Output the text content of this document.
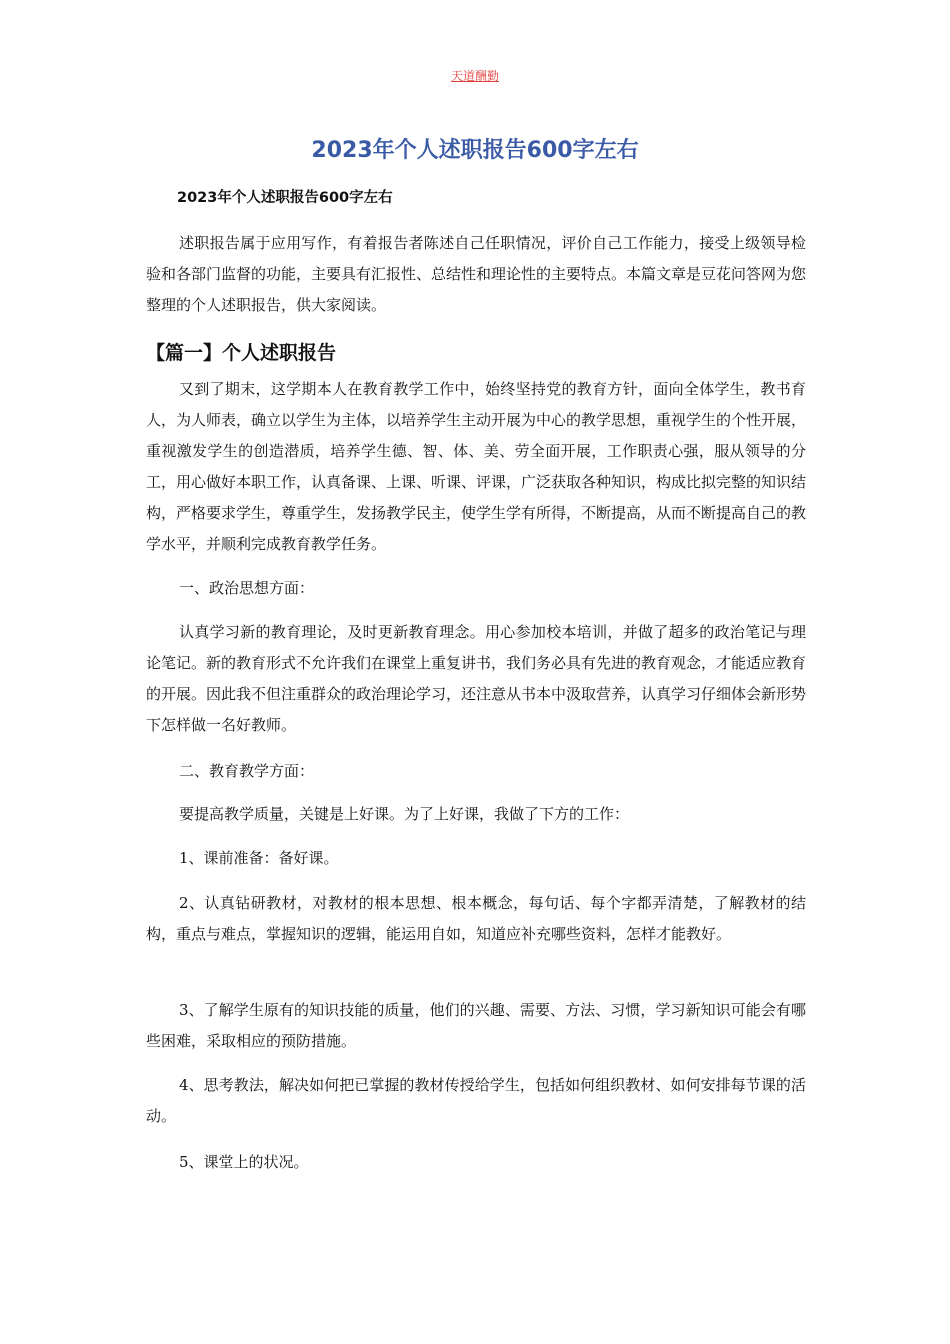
天道酬勤
2023年个人述职报告600字左右
2023年个人述职报告600字左右
述职报告属于应用写作，有着报告者陈述自己任职情况，评价自己工作能力，接受上级领导检验和各部门监督的功能，主要具有汇报性、总结性和理论性的主要特点。本篇文章是豆花问答网为您整理的个人述职报告，供大家阅读。
【篇一】个人述职报告
又到了期末，这学期本人在教育教学工作中，始终坚持党的教育方针，面向全体学生，教书育人，为人师表，确立以学生为主体，以培养学生主动开展为中心的教学思想，重视学生的个性开展，重视激发学生的创造潜质，培养学生德、智、体、美、劳全面开展，工作职责心强，服从领导的分工，用心做好本职工作，认真备课、上课、听课、评课，广泛获取各种知识，构成比拟完整的知识结构，严格要求学生，尊重学生，发扬教学民主，使学生学有所得，不断提高，从而不断提高自己的教学水平，并顺利完成教育教学任务。
一、政治思想方面：
认真学习新的教育理论，及时更新教育理念。用心参加校本培训，并做了超多的政治笔记与理论笔记。新的教育形式不允许我们在课堂上重复讲书，我们务必具有先进的教育观念，才能适应教育的开展。因此我不但注重群众的政治理论学习，还注意从书本中汲取营养，认真学习仔细体会新形势下怎样做一名好教师。
二、教育教学方面：
要提高教学质量，关键是上好课。为了上好课，我做了下方的工作：
1、课前准备：备好课。
2、认真钻研教材，对教材的根本思想、根本概念，每句话、每个字都弄清楚，了解教材的结构，重点与难点，掌握知识的逻辑，能运用自如，知道应补充哪些资料，怎样才能教好。
3、了解学生原有的知识技能的质量，他们的兴趣、需要、方法、习惯，学习新知识可能会有哪些困难，采取相应的预防措施。
4、思考教法，解决如何把已掌握的教材传授给学生，包括如何组织教材、如何安排每节课的活动。
5、课堂上的状况。
